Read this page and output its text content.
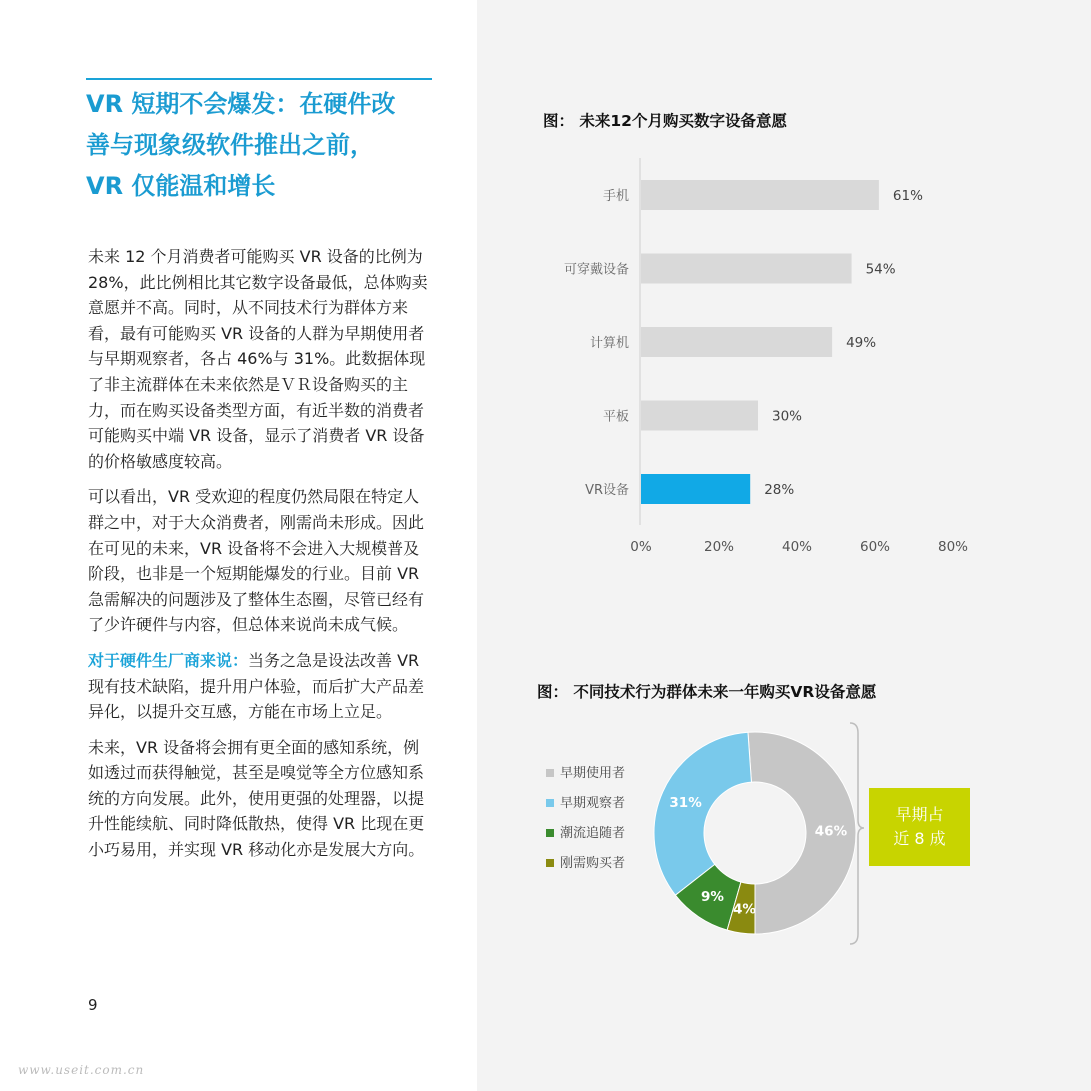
VR 短期不会爆发：在硬件改
善与现象级软件推出之前，
VR 仅能温和增长

未来 12 个月消费者可能购买 VR 设备的比例为 28%，此比例相比其它数字设备最低，总体购卖意愿并不高。同时，从不同技术行为群体方来看，最有可能购买 VR 设备的人群为早期使用者与早期观察者，各占 46%与 31%。此数据体现了非主流群体在未来依然是ＶＲ设备购买的主力，而在购买设备类型方面，有近半数的消费者可能购买中端 VR 设备，显示了消费者 VR 设备的价格敏感度较高。

可以看出，VR 受欢迎的程度仍然局限在特定人群之中，对于大众消费者，刚需尚未形成。因此在可见的未来，VR 设备将不会进入大规模普及阶段，也非是一个短期能爆发的行业。目前 VR 急需解决的问题涉及了整体生态圈，尽管已经有了少许硬件与内容，但总体来说尚未成气候。

对于硬件生厂商来说：当务之急是设法改善 VR 现有技术缺陷，提升用户体验，而后扩大产品差异化，以提升交互感，方能在市场上立足。

未来，VR 设备将会拥有更全面的感知系统，例如透过而获得触觉，甚至是嗅觉等全方位感知系统的方向发展。此外，使用更强的处理器，以提升性能续航、同时降低散热，使得 VR 比现在更小巧易用，并实现 VR 移动化亦是发展大方向。

9
www.useit.com.cn
图： 未来12个月购买数字设备意愿
手机	61%
可穿戴设备	54%
计算机	49%
平板	30%
VR设备	28%
0%	20%	40%	60%	80%
图： 不同技术行为群体未来一年购买VR设备意愿
46%
31%
9%
4%
早期使用者
早期观察者
潮流追随者
刚需购买者
早期占
近 8 成
